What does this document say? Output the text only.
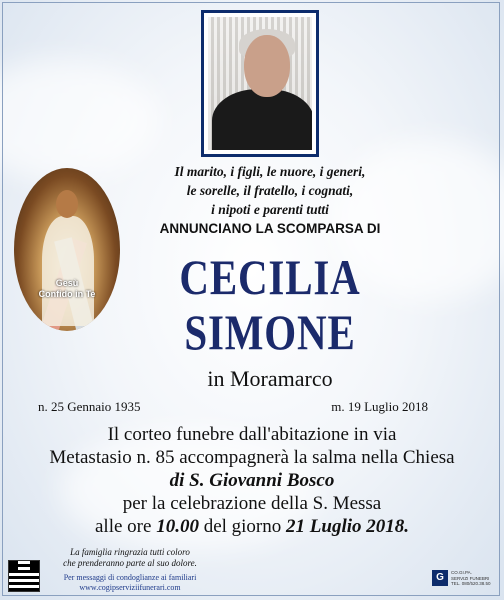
Gesù
Confido in Te
Il marito, i figli, le nuore, i generi,
le sorelle, il fratello, i cognati,
i nipoti e parenti tutti
ANNUNCIANO LA SCOMPARSA DI
CECILIA
SIMONE
in Moramarco
n. 25 Gennaio 1935	m. 19 Luglio 2018
Il corteo funebre dall'abitazione in via
Metastasio n. 85 accompagnerà la salma nella Chiesa
di S. Giovanni Bosco
per la celebrazione della S. Messa
alle ore 10.00 del giorno 21 Luglio 2018.
La famiglia ringrazia tutti coloro
che prenderanno parte al suo dolore.
Per messaggi di condoglianze ai familiari
www.cogipserviziifunerari.com
G	CO.GI.PA.
SERVIZI FUNEBRI
TEL. 080/520.38.50
